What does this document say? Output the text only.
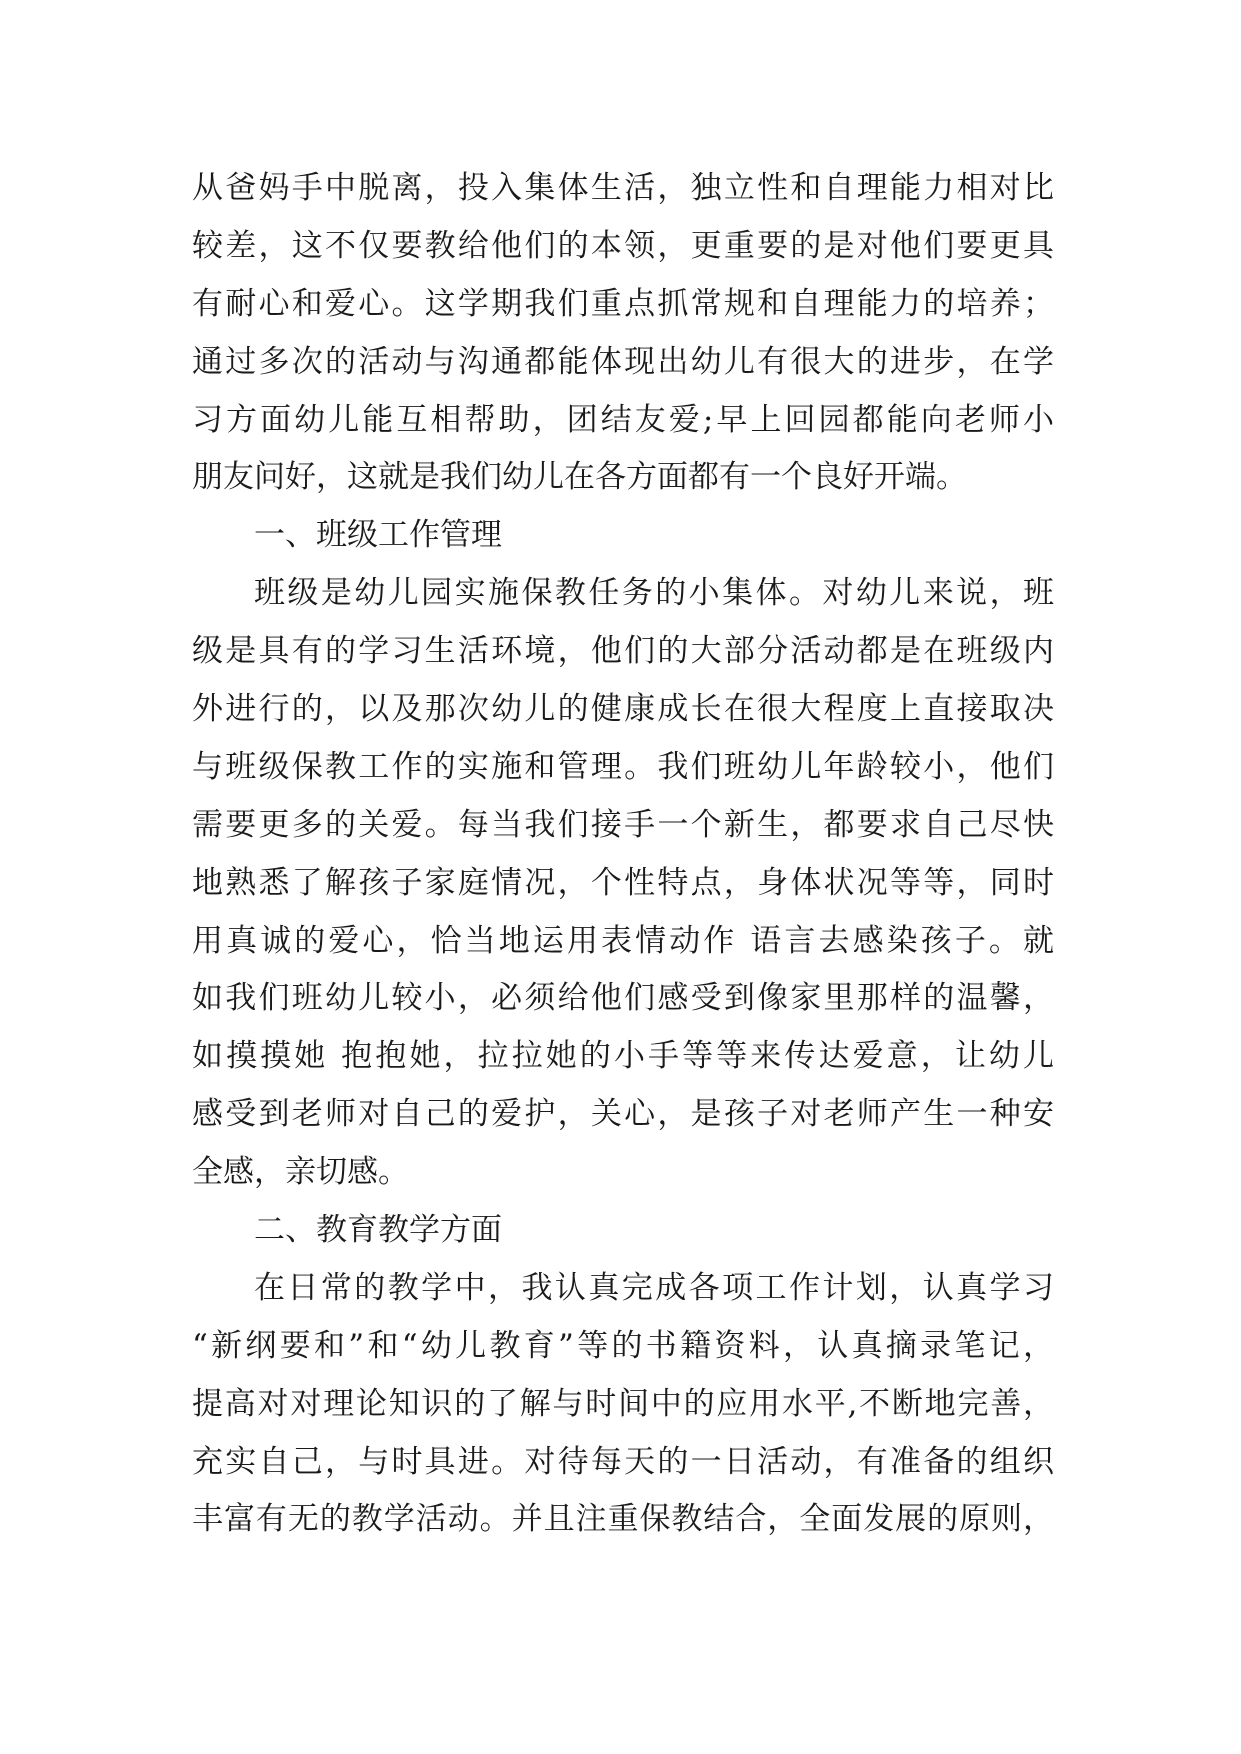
从爸妈手中脱离，投入集体生活，独立性和自理能力相对比
较差，这不仅要教给他们的本领，更重要的是对他们要更具
有耐心和爱心。这学期我们重点抓常规和自理能力的培养；
通过多次的活动与沟通都能体现出幼儿有很大的进步，在学
习方面幼儿能互相帮助，团结友爱;早上回园都能向老师小
朋友问好，这就是我们幼儿在各方面都有一个良好开端。
一、班级工作管理
班级是幼儿园实施保教任务的小集体。对幼儿来说，班
级是具有的学习生活环境，他们的大部分活动都是在班级内
外进行的，以及那次幼儿的健康成长在很大程度上直接取决
与班级保教工作的实施和管理。我们班幼儿年龄较小，他们
需要更多的关爱。每当我们接手一个新生，都要求自己尽快
地熟悉了解孩子家庭情况，个性特点，身体状况等等，同时
用真诚的爱心，恰当地运用表情动作 语言去感染孩子。就
如我们班幼儿较小，必须给他们感受到像家里那样的温馨，
如摸摸她 抱抱她，拉拉她的小手等等来传达爱意，让幼儿
感受到老师对自己的爱护，关心，是孩子对老师产生一种安
全感，亲切感。
二、教育教学方面
在日常的教学中，我认真完成各项工作计划，认真学习
“新纲要和”和“幼儿教育”等的书籍资料，认真摘录笔记，
提高对对理论知识的了解与时间中的应用水平,不断地完善，
充实自己，与时具进。对待每天的一日活动，有准备的组织
丰富有无的教学活动。并且注重保教结合，全面发展的原则，
